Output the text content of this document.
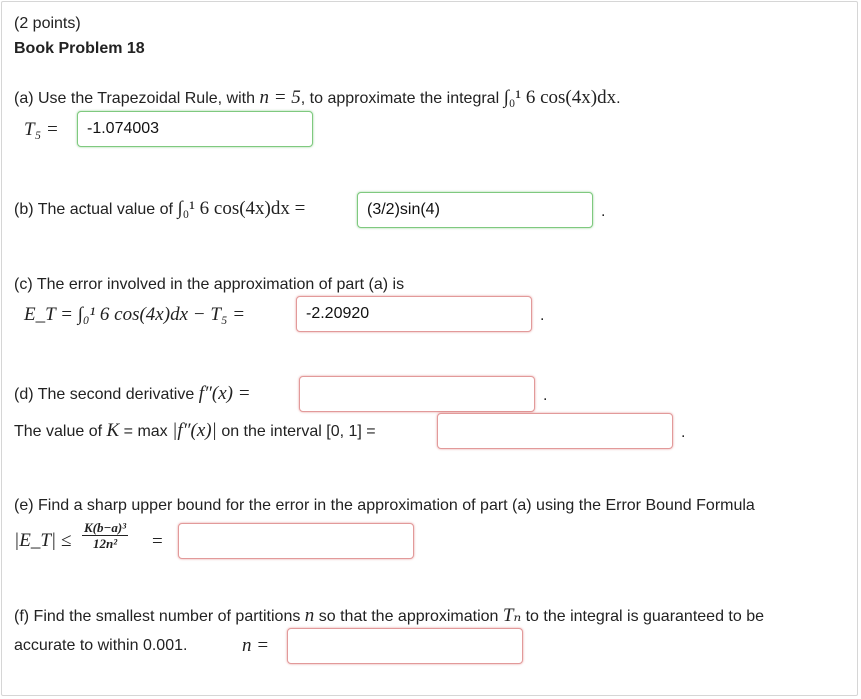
(2 points)
Book Problem 18
(a) Use the Trapezoidal Rule, with n = 5, to approximate the integral ∫₀¹ 6 cos(4x)dx.
T₅ =
-1.074003
(b) The actual value of ∫₀¹ 6 cos(4x)dx =
(3/2)sin(4)	.
(c) The error involved in the approximation of part (a) is
E_T = ∫₀¹ 6 cos(4x)dx − T₅ =
-2.20920	.
(d) The second derivative f″(x) =	.
The value of K = max |f″(x)| on the interval [0, 1] =	.
(e) Find a sharp upper bound for the error in the approximation of part (a) using the Error Bound Formula
|E_T| ≤ $\frac{\text{K(b−a)³}}{\text{12n²}}$ =
(f) Find the smallest number of partitions n so that the approximation Tₙ to the integral is guaranteed to be
accurate to within 0.001.	n =
